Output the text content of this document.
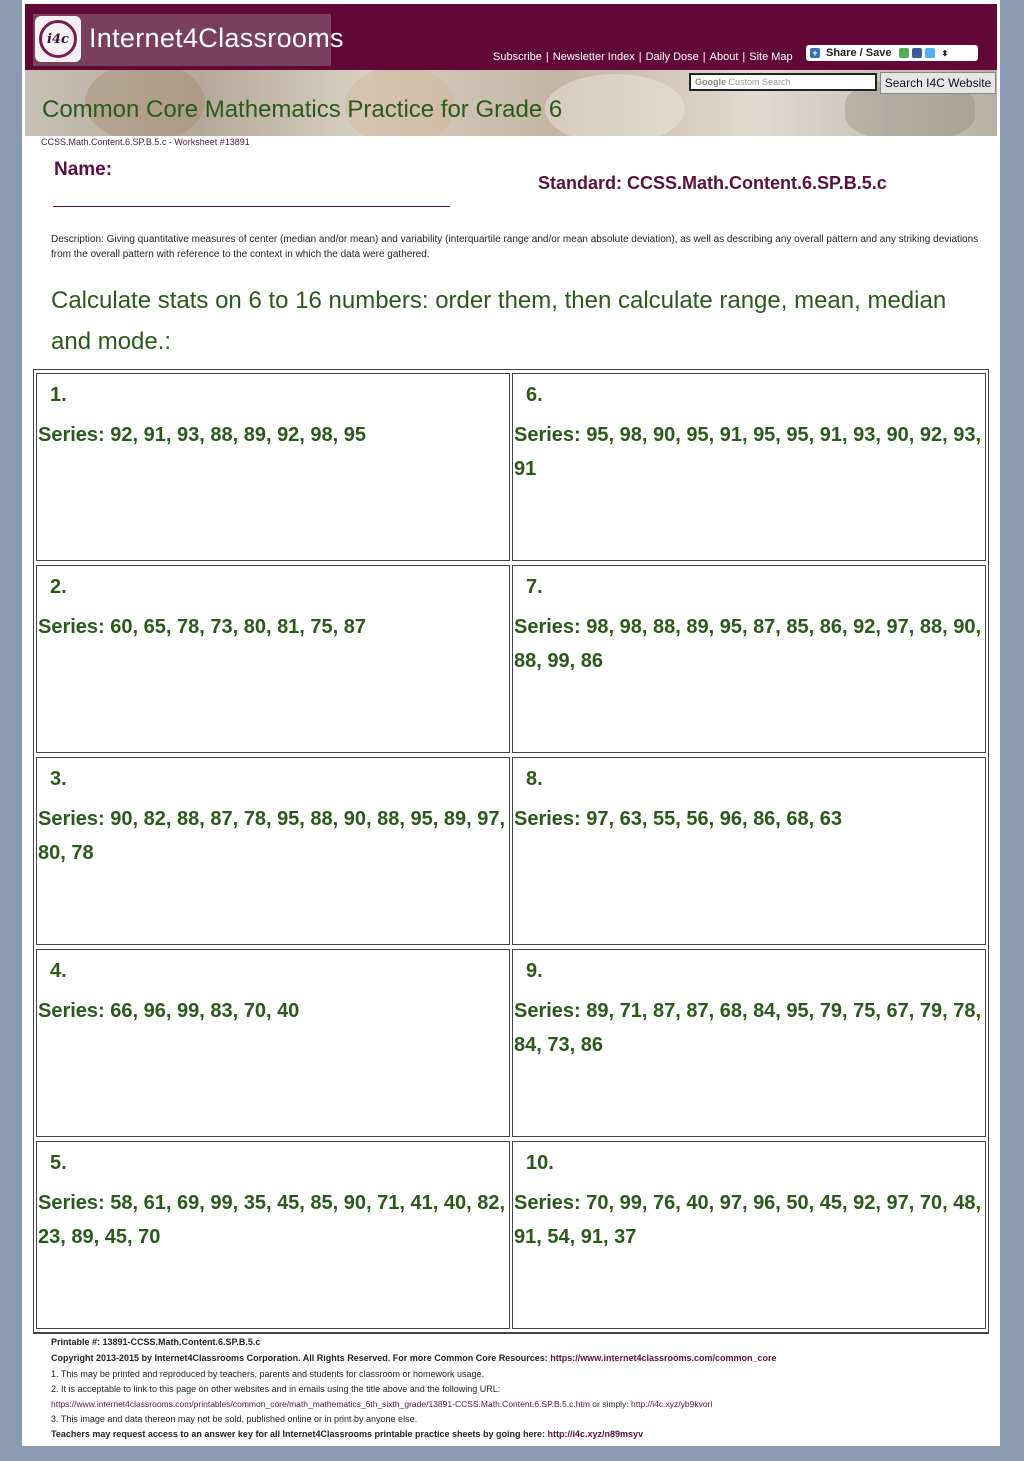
i4c Internet4Classrooms
Subscribe | Newsletter Index | Daily Dose | About | Site Map + Share / Save	⬍
Google Custom Search	Search I4C Website
Common Core Mathematics Practice for Grade 6
CCSS.Math.Content.6.SP.B.5.c - Worksheet #13891
Name:
Standard: CCSS.Math.Content.6.SP.B.5.c
Description: Giving quantitative measures of center (median and/or mean) and variability (interquartile range and/or mean absolute deviation), as well as describing any overall pattern and any striking deviations from the overall pattern with reference to the context in which the data were gathered.
Calculate stats on 6 to 16 numbers: order them, then calculate range, mean, median and mode.:
1.
Series: 92, 91, 93, 88, 89, 92, 98, 95
2.
Series: 60, 65, 78, 73, 80, 81, 75, 87
3.
Series: 90, 82, 88, 87, 78, 95, 88, 90, 88, 95, 89, 97, 80, 78
4.
Series: 66, 96, 99, 83, 70, 40
5.
Series: 58, 61, 69, 99, 35, 45, 85, 90, 71, 41, 40, 82, 23, 89, 45, 70
6.
Series: 95, 98, 90, 95, 91, 95, 95, 91, 93, 90, 92, 93, 91
7.
Series: 98, 98, 88, 89, 95, 87, 85, 86, 92, 97, 88, 90, 88, 99, 86
8.
Series: 97, 63, 55, 56, 96, 86, 68, 63
9.
Series: 89, 71, 87, 87, 68, 84, 95, 79, 75, 67, 79, 78, 84, 73, 86
10.
Series: 70, 99, 76, 40, 97, 96, 50, 45, 92, 97, 70, 48, 91, 54, 91, 37
Printable #: 13891-CCSS.Math.Content.6.SP.B.5.c
Copyright 2013-2015 by Internet4Classrooms Corporation. All Rights Reserved. For more Common Core Resources: https://www.internet4classrooms.com/common_core
1. This may be printed and reproduced by teachers, parents and students for classroom or homework usage.
2. It is acceptable to link to this page on other websites and in emails using the title above and the following URL:
https://www.internet4classrooms.com/printables/common_core/math_mathematics_6th_sixth_grade/13891-CCSS.Math.Content.6.SP.B.5.c.htm or simply: http://i4c.xyz/yb9kvorl
3. This image and data thereon may not be sold, published online or in print by anyone else.
Teachers may request access to an answer key for all Internet4Classrooms printable practice sheets by going here: http://i4c.xyz/n89msyv
